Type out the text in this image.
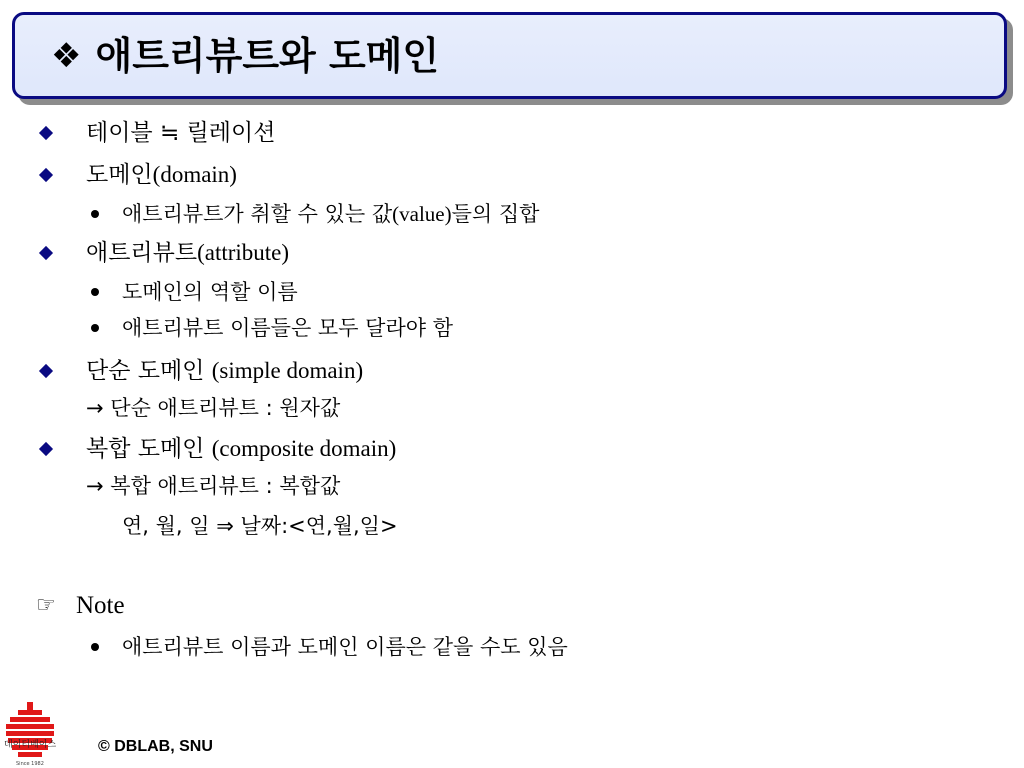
❖ 애트리뷰트와 도메인
테이블 ≒ 릴레이션
도메인(domain)
애트리뷰트가 취할 수 있는 값(value)들의 집합
애트리뷰트(attribute)
도메인의 역할 이름
애트리뷰트 이름들은 모두 달라야 함
단순 도메인 (simple domain)
→ 단순 애트리뷰트 : 원자값
복합 도메인 (composite domain)
→ 복합 애트리뷰트 : 복합값
연, 월, 일 ⇒ 날짜:<연,월,일>
☞ Note
애트리뷰트 이름과 도메인 이름은 같을 수도 있음
데이터베이스
Since 1982
© DBLAB, SNU
